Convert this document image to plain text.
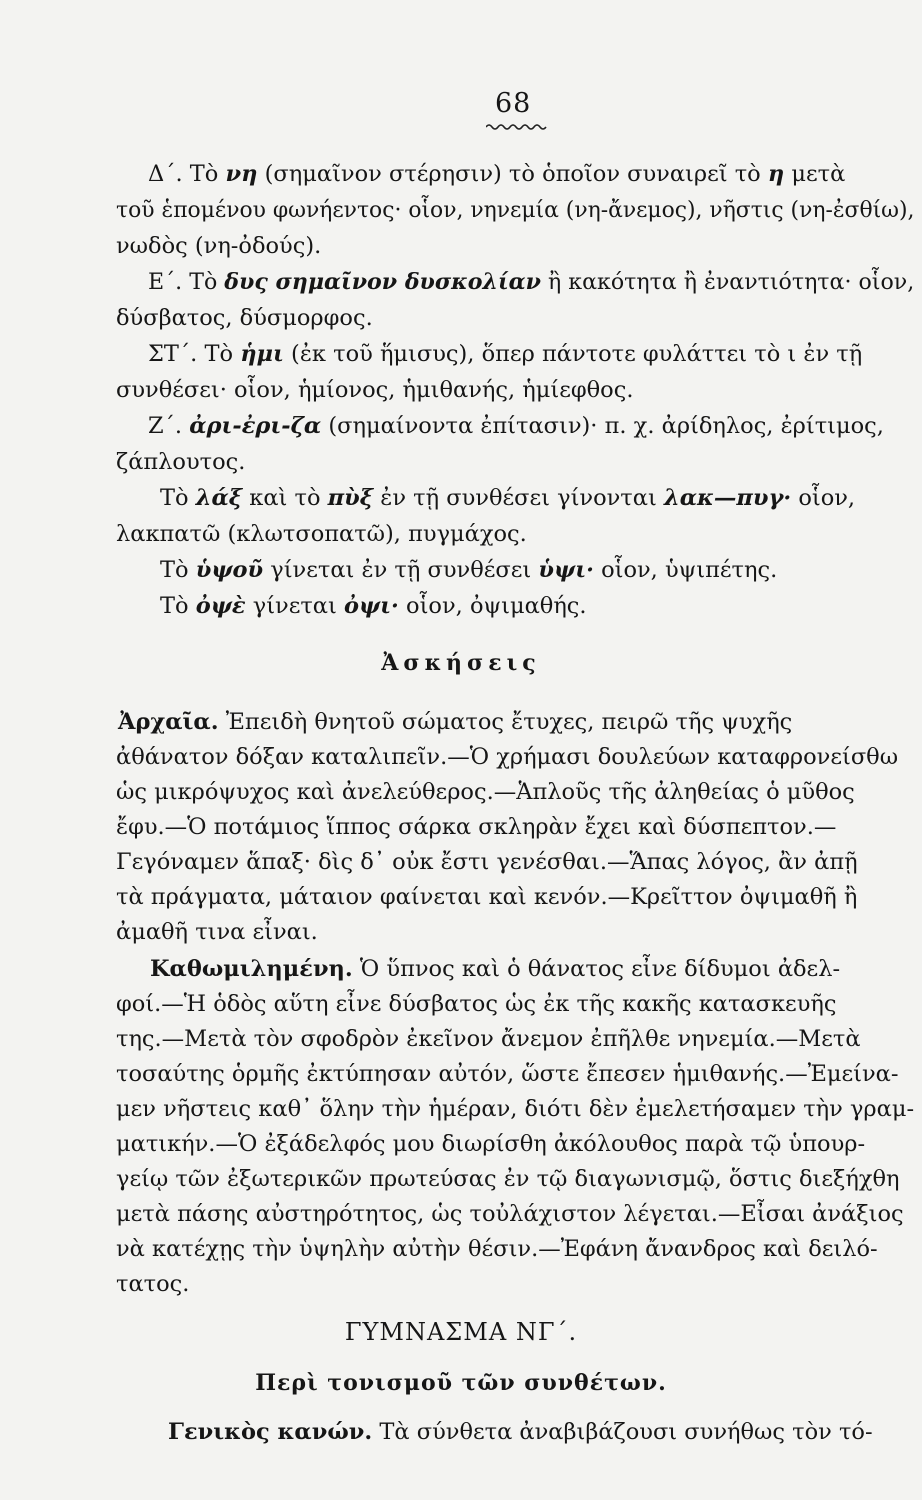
68
Δ΄. Τὸ νη (σημαῖνον στέρησιν) τὸ ὁποῖον συναιρεῖ τὸ η μετὰ
τοῦ ἑπομένου φωνήεντος· οἷον, νηνεμία (νη-ἄνεμος), νῆστις (νη-ἐσθίω),
νωδὸς (νη-ὀδούς).
Ε΄. Τὸ δυς σημαῖνον δυσκολίαν ἢ κακότητα ἢ ἐναντιότητα· οἷον,
δύσβατος, δύσμορφος.
ΣΤ΄. Τὸ ἡμι (ἐκ τοῦ ἥμισυς), ὅπερ πάντοτε φυλάττει τὸ ι ἐν τῇ
συνθέσει· οἷον, ἡμίονος, ἡμιθανής, ἡμίεφθος.
Ζ΄. ἀρι-ἐρι-ζα (σημαίνοντα ἐπίτασιν)· π. χ. ἀρίδηλος, ἐρίτιμος,
ζάπλουτος.
Τὸ λάξ καὶ τὸ πὺξ ἐν τῇ συνθέσει γίνονται λακ—πυγ· οἷον,
λακπατῶ (κλωτσοπατῶ), πυγμάχος.
Τὸ ὑψοῦ γίνεται ἐν τῇ συνθέσει ὑψι· οἷον, ὑψιπέτης.
Τὸ ὀψὲ γίνεται ὀψι· οἷον, ὀψιμαθής.
Ἀσκήσεις
Ἀρχαῖα. Ἐπειδὴ θνητοῦ σώματος ἔτυχες, πειρῶ τῆς ψυχῆς
ἀθάνατον δόξαν καταλιπεῖν.—Ὁ χρήμασι δουλεύων καταφρονείσθω
ὡς μικρόψυχος καὶ ἀνελεύθερος.—Ἁπλοῦς τῆς ἀληθείας ὁ μῦθος
ἔφυ.—Ὁ ποτάμιος ἵππος σάρκα σκληρὰν ἔχει καὶ δύσπεπτον.—
Γεγόναμεν ἅπαξ· δὶς δ᾿ οὐκ ἔστι γενέσθαι.—Ἅπας λόγος, ἂν ἀπῇ
τὰ πράγματα, μάταιον φαίνεται καὶ κενόν.—Κρεῖττον ὀψιμαθῆ ἢ
ἀμαθῆ τινα εἶναι.
Καθωμιλημένη. Ὁ ὕπνος καὶ ὁ θάνατος εἶνε δίδυμοι ἀδελ-
φοί.—Ἡ ὁδὸς αὕτη εἶνε δύσβατος ὡς ἐκ τῆς κακῆς κατασκευῆς
της.—Μετὰ τὸν σφοδρὸν ἐκεῖνον ἄνεμον ἐπῆλθε νηνεμία.—Μετὰ
τοσαύτης ὁρμῆς ἐκτύπησαν αὐτόν, ὥστε ἔπεσεν ἡμιθανής.—Ἐμείνα-
μεν νῆστεις καθ᾿ ὅλην τὴν ἡμέραν, διότι δὲν ἐμελετήσαμεν τὴν γραμ-
ματικήν.—Ὁ ἐξάδελφός μου διωρίσθη ἀκόλουθος παρὰ τῷ ὑπουρ-
γείῳ τῶν ἐξωτερικῶν πρωτεύσας ἐν τῷ διαγωνισμῷ, ὅστις διεξήχθη
μετὰ πάσης αὐστηρότητος, ὡς τοὐλάχιστον λέγεται.—Εἶσαι ἀνάξιος
νὰ κατέχῃς τὴν ὑψηλὴν αὐτὴν θέσιν.—Ἐφάνη ἄνανδρος καὶ δειλό-
τατος.
ΓΥΜΝΑΣΜΑ ΝΓ΄.
Περὶ τονισμοῦ τῶν συνθέτων.
Γενικὸς κανών. Τὰ σύνθετα ἀναβιβάζουσι συνήθως τὸν τό-
